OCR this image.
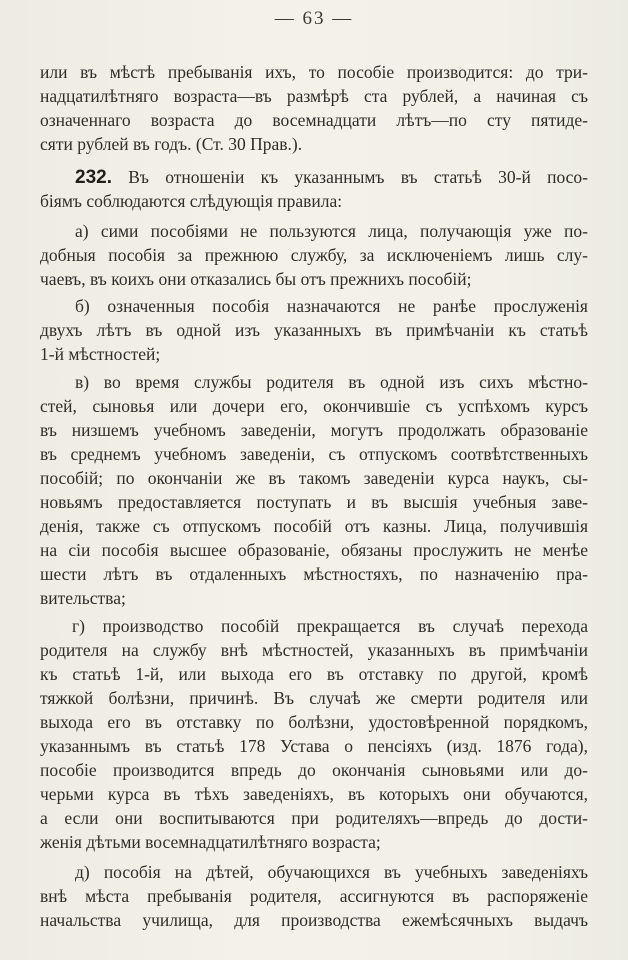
— 63 —
или въ мѣстѣ пребыванія ихъ, то пособіе производится: до три-
надцатилѣтняго возраста—въ размѣрѣ ста рублей, а начиная съ
означеннаго возраста до восемнадцати лѣтъ—по сту пятиде-
сяти рублей въ годъ. (Ст. 30 Прав.).
232. Въ отношеніи къ указаннымъ въ статьѣ 30-й посо-
біямъ соблюдаются слѣдующія правила:
а) сими пособіями не пользуются лица, получающія уже по-
добныя пособія за прежнюю службу, за исключеніемъ лишь слу-
чаевъ, въ коихъ они отказались бы отъ прежнихъ пособій;
б) означенныя пособія назначаются не ранѣе прослуженія
двухъ лѣтъ въ одной изъ указанныхъ въ примѣчаніи къ статьѣ
1-й мѣстностей;
в) во время службы родителя въ одной изъ сихъ мѣстно-
стей, сыновья или дочери его, окончившіе съ успѣхомъ курсъ
въ низшемъ учебномъ заведеніи, могутъ продолжать образованіе
въ среднемъ учебномъ заведеніи, съ отпускомъ соотвѣтственныхъ
пособій; по окончаніи же въ такомъ заведеніи курса наукъ, сы-
новьямъ предоставляется поступать и въ высшія учебныя заве-
денія, также съ отпускомъ пособій отъ казны. Лица, получившія
на сіи пособія высшее образованіе, обязаны прослужить не менѣе
шести лѣтъ въ отдаленныхъ мѣстностяхъ, по назначенію пра-
вительства;
г) производство пособій прекращается въ случаѣ перехода
родителя на службу внѣ мѣстностей, указанныхъ въ примѣчаніи
къ статьѣ 1-й, или выхода его въ отставку по другой, кромѣ
тяжкой болѣзни, причинѣ. Въ случаѣ же смерти родителя или
выхода его въ отставку по болѣзни, удостовѣренной порядкомъ,
указаннымъ въ статьѣ 178 Устава о пенсіяхъ (изд. 1876 года),
пособіе производится впредь до окончанія сыновьями или до-
черьми курса въ тѣхъ заведеніяхъ, въ которыхъ они обучаются,
а если они воспитываются при родителяхъ—впредь до дости-
женія дѣтьми восемнадцатилѣтняго возраста;
д) пособія на дѣтей, обучающихся въ учебныхъ заведеніяхъ
внѣ мѣста пребыванія родителя, ассигнуются въ распоряженіе
начальства училища, для производства ежемѣсячныхъ выдачъ
